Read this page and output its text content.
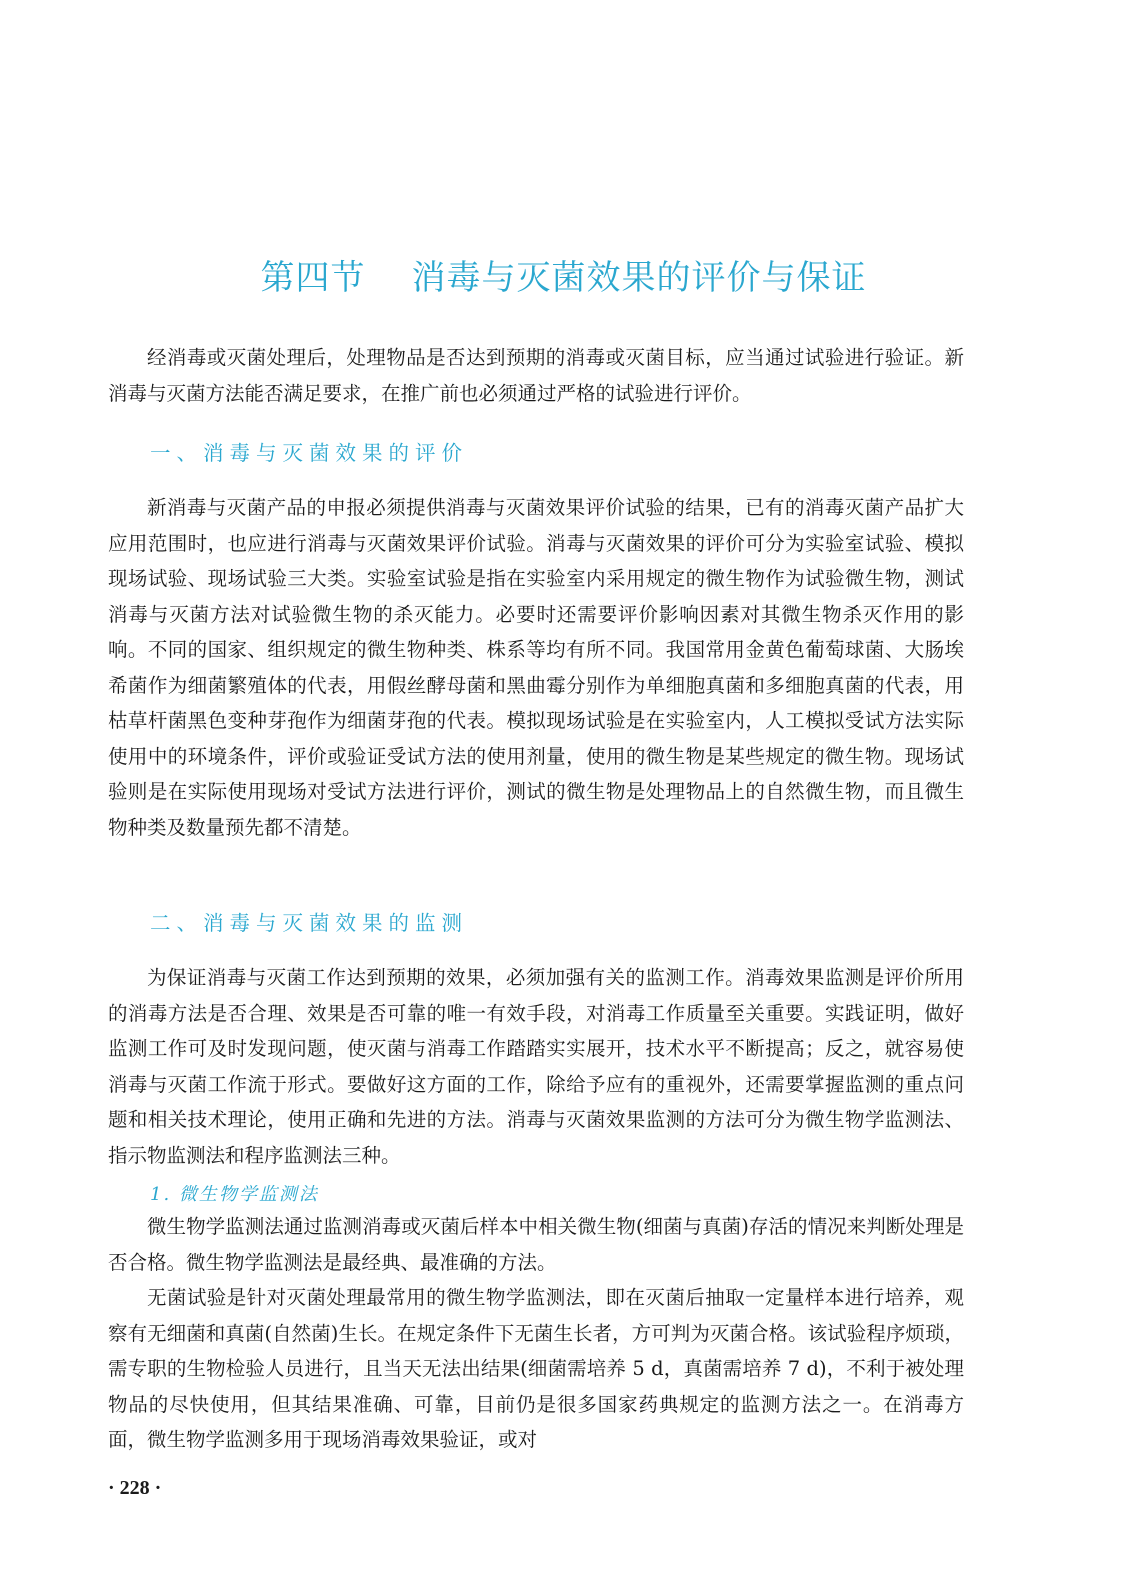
第四节 消毒与灭菌效果的评价与保证

经消毒或灭菌处理后，处理物品是否达到预期的消毒或灭菌目标，应当通过试验进行验证。新消毒与灭菌方法能否满足要求，在推广前也必须通过严格的试验进行评价。

一、消毒与灭菌效果的评价

新消毒与灭菌产品的申报必须提供消毒与灭菌效果评价试验的结果，已有的消毒灭菌产品扩大应用范围时，也应进行消毒与灭菌效果评价试验。消毒与灭菌效果的评价可分为实验室试验、模拟现场试验、现场试验三大类。实验室试验是指在实验室内采用规定的微生物作为试验微生物，测试消毒与灭菌方法对试验微生物的杀灭能力。必要时还需要评价影响因素对其微生物杀灭作用的影响。不同的国家、组织规定的微生物种类、株系等均有所不同。我国常用金黄色葡萄球菌、大肠埃希菌作为细菌繁殖体的代表，用假丝酵母菌和黑曲霉分别作为单细胞真菌和多细胞真菌的代表，用枯草杆菌黑色变种芽孢作为细菌芽孢的代表。模拟现场试验是在实验室内，人工模拟受试方法实际使用中的环境条件，评价或验证受试方法的使用剂量，使用的微生物是某些规定的微生物。现场试验则是在实际使用现场对受试方法进行评价，测试的微生物是处理物品上的自然微生物，而且微生物种类及数量预先都不清楚。

二、消毒与灭菌效果的监测

为保证消毒与灭菌工作达到预期的效果，必须加强有关的监测工作。消毒效果监测是评价所用的消毒方法是否合理、效果是否可靠的唯一有效手段，对消毒工作质量至关重要。实践证明，做好监测工作可及时发现问题，使灭菌与消毒工作踏踏实实展开，技术水平不断提高；反之，就容易使消毒与灭菌工作流于形式。要做好这方面的工作，除给予应有的重视外，还需要掌握监测的重点问题和相关技术理论，使用正确和先进的方法。消毒与灭菌效果监测的方法可分为微生物学监测法、指示物监测法和程序监测法三种。

1. 微生物学监测法

微生物学监测法通过监测消毒或灭菌后样本中相关微生物(细菌与真菌)存活的情况来判断处理是否合格。微生物学监测法是最经典、最准确的方法。

无菌试验是针对灭菌处理最常用的微生物学监测法，即在灭菌后抽取一定量样本进行培养，观察有无细菌和真菌(自然菌)生长。在规定条件下无菌生长者，方可判为灭菌合格。该试验程序烦琐，需专职的生物检验人员进行，且当天无法出结果(细菌需培养 5 d，真菌需培养 7 d)，不利于被处理物品的尽快使用，但其结果准确、可靠，目前仍是很多国家药典规定的监测方法之一。在消毒方面，微生物学监测多用于现场消毒效果验证，或对

· 228 ·
